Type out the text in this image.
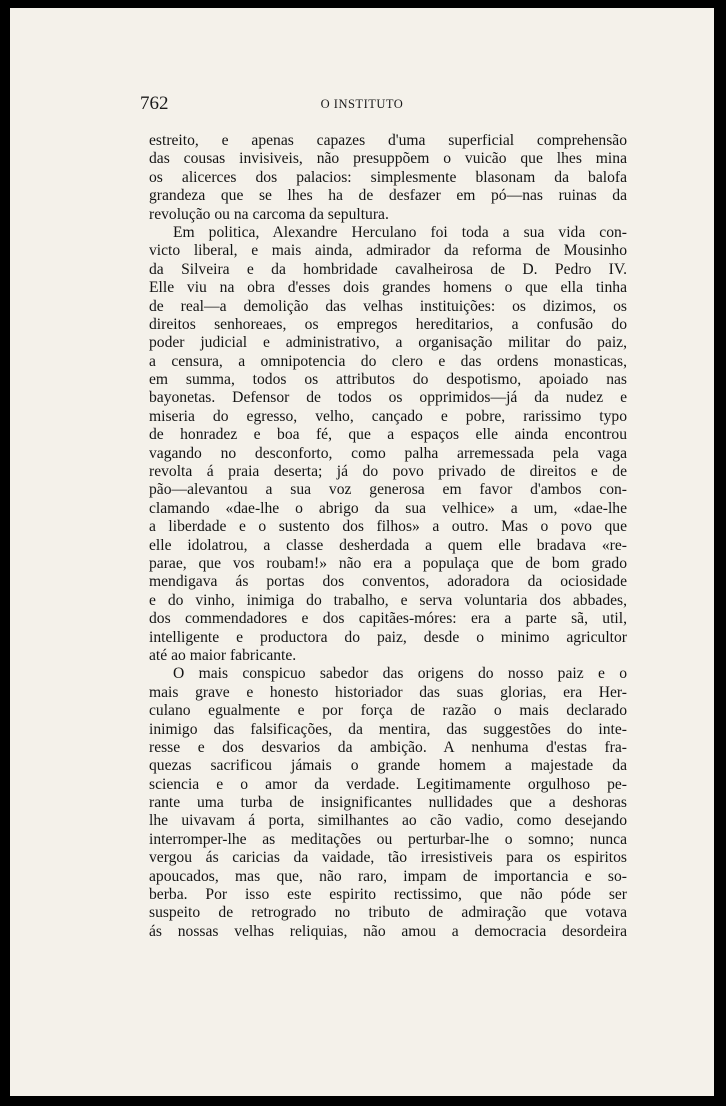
762	O INSTITUTO
estreito, e apenas capazes d'uma superficial comprehensão
das cousas invisiveis, não presuppõem o vuicão que lhes mina
os alicerces dos palacios: simplesmente blasonam da balofa
grandeza que se lhes ha de desfazer em pó—nas ruinas da
revolução ou na carcoma da sepultura.
Em politica, Alexandre Herculano foi toda a sua vida con-
victo liberal, e mais ainda, admirador da reforma de Mousinho
da Silveira e da hombridade cavalheirosa de D. Pedro IV.
Elle viu na obra d'esses dois grandes homens o que ella tinha
de real—a demolição das velhas instituições: os dizimos, os
direitos senhoreaes, os empregos hereditarios, a confusão do
poder judicial e administrativo, a organisação militar do paiz,
a censura, a omnipotencia do clero e das ordens monasticas,
em summa, todos os attributos do despotismo, apoiado nas
bayonetas. Defensor de todos os opprimidos—já da nudez e
miseria do egresso, velho, cançado e pobre, rarissimo typo
de honradez e boa fé, que a espaços elle ainda encontrou
vagando no desconforto, como palha arremessada pela vaga
revolta á praia deserta; já do povo privado de direitos e de
pão—alevantou a sua voz generosa em favor d'ambos con-
clamando «dae-lhe o abrigo da sua velhice» a um, «dae-lhe
a liberdade e o sustento dos filhos» a outro. Mas o povo que
elle idolatrou, a classe desherdada a quem elle bradava «re-
parae, que vos roubam!» não era a populaça que de bom grado
mendigava ás portas dos conventos, adoradora da ociosidade
e do vinho, inimiga do trabalho, e serva voluntaria dos abbades,
dos commendadores e dos capitães-móres: era a parte sã, util,
intelligente e productora do paiz, desde o minimo agricultor
até ao maior fabricante.
O mais conspicuo sabedor das origens do nosso paiz e o
mais grave e honesto historiador das suas glorias, era Her-
culano egualmente e por força de razão o mais declarado
inimigo das falsificações, da mentira, das suggestões do inte-
resse e dos desvarios da ambição. A nenhuma d'estas fra-
quezas sacrificou jámais o grande homem a majestade da
sciencia e o amor da verdade. Legitimamente orgulhoso pe-
rante uma turba de insignificantes nullidades que a deshoras
lhe uivavam á porta, similhantes ao cão vadio, como desejando
interromper-lhe as meditações ou perturbar-lhe o somno; nunca
vergou ás caricias da vaidade, tão irresistiveis para os espiritos
apoucados, mas que, não raro, impam de importancia e so-
berba. Por isso este espirito rectissimo, que não póde ser
suspeito de retrogrado no tributo de admiração que votava
ás nossas velhas reliquias, não amou a democracia desordeira
